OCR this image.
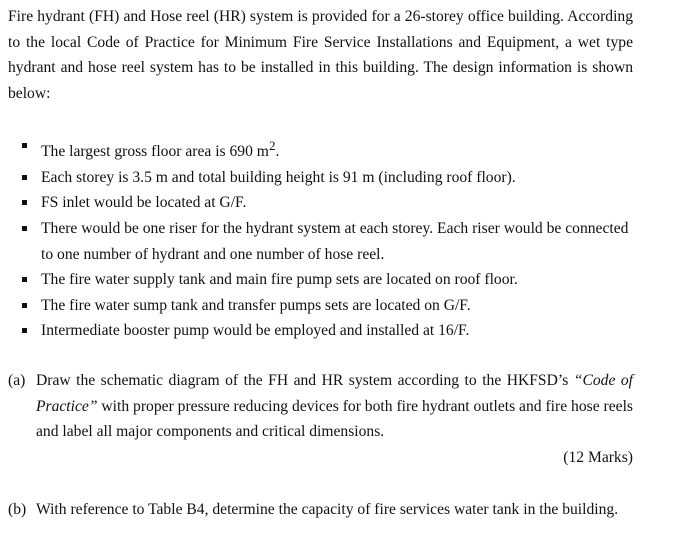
Fire hydrant (FH) and Hose reel (HR) system is provided for a 26-storey office building. According to the local Code of Practice for Minimum Fire Service Installations and Equipment, a wet type hydrant and hose reel system has to be installed in this building. The design information is shown below:

The largest gross floor area is 690 $m^2$.
Each storey is 3.5 m and total building height is 91 m (including roof floor).
FS inlet would be located at G/F.
There would be one riser for the hydrant system at each storey. Each riser would be connected to one number of hydrant and one number of hose reel.
The fire water supply tank and main fire pump sets are located on roof floor.
The fire water sump tank and transfer pumps sets are located on G/F.
Intermediate booster pump would be employed and installed at 16/F.
(a) Draw the schematic diagram of the FH and HR system according to the HKFSD’s “Code of Practice” with proper pressure reducing devices for both fire hydrant outlets and fire hose reels and label all major components and critical dimensions.
(12 Marks)
(b) With reference to Table B4, determine the capacity of fire services water tank in the building.
